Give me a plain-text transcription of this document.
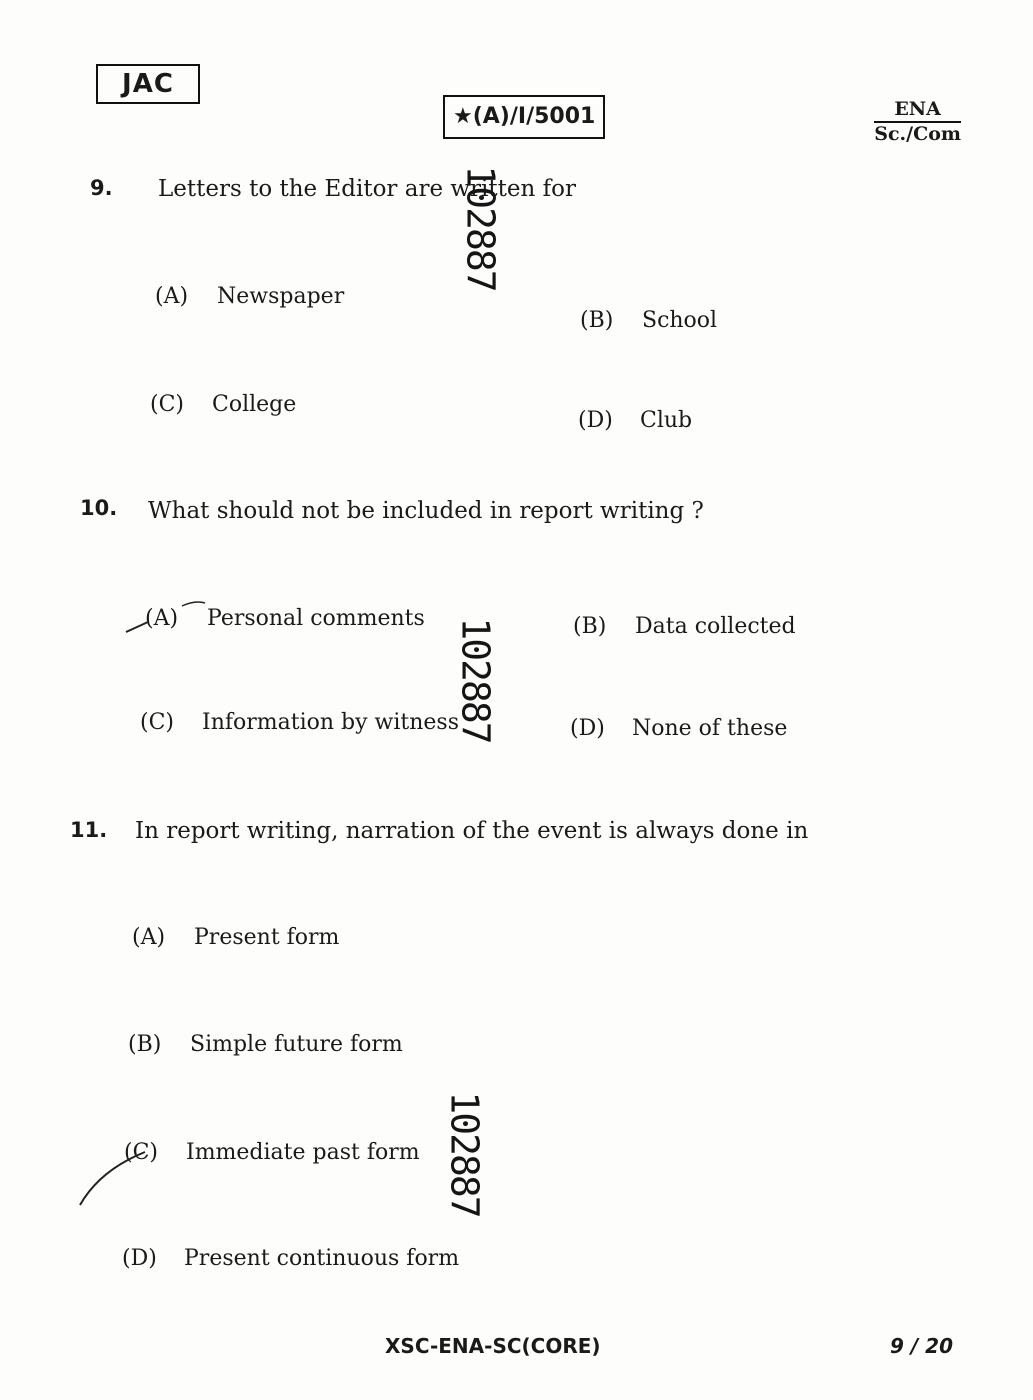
JAC
★(A)/I/5001	ENA
Sc./Com
9. Letters to the Editor are written for
(A) Newspaper
(B) School
(C) College
(D) Club
102887
10. What should not be included in report writing ?
(A) Personal comments	(B) Data collected
(C) Information by witness	(D) None of these
102887
11. In report writing, narration of the event is always done in
(A) Present form
(B) Simple future form
(C) Immediate past form
(D) Present continuous form
102887
XSC-ENA-SC(CORE)	9 / 20
